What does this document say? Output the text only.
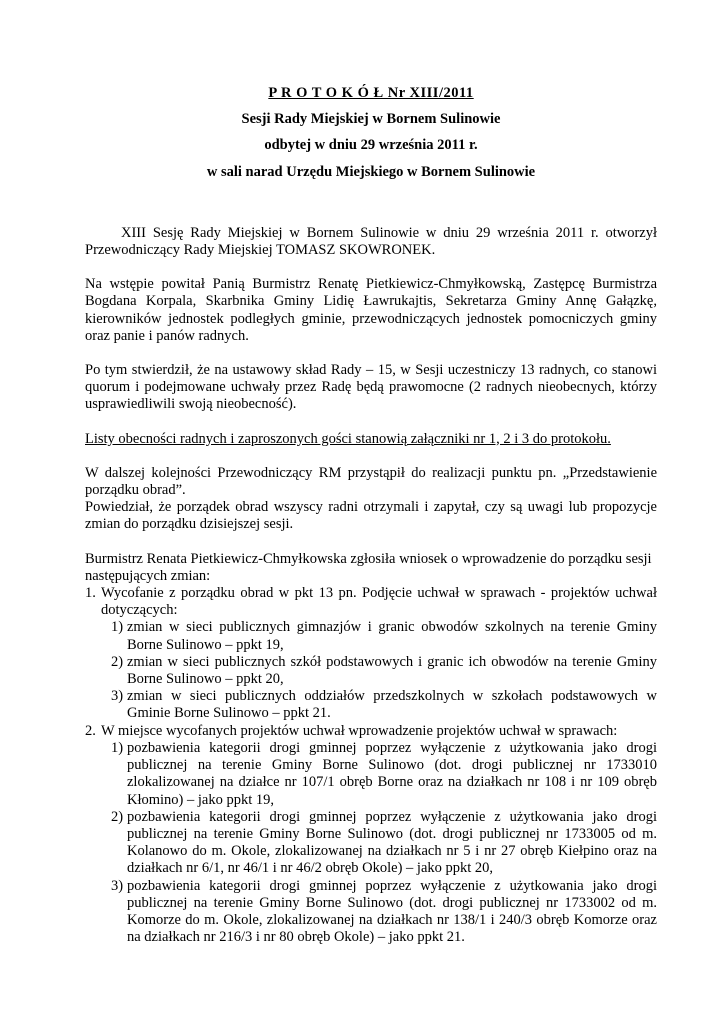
P R O T O K Ó Ł Nr XIII/2011
Sesji Rady Miejskiej w Bornem Sulinowie
odbytej w dniu 29 września 2011 r.
w sali narad Urzędu Miejskiego w Bornem Sulinowie

XIII Sesję Rady Miejskiej w Bornem Sulinowie w dniu 29 września 2011 r. otworzył Przewodniczący Rady Miejskiej TOMASZ SKOWRONEK.

Na wstępie powitał Panią Burmistrz Renatę Pietkiewicz-Chmyłkowską, Zastępcę Burmistrza Bogdana Korpala, Skarbnika Gminy Lidię Ławrukajtis, Sekretarza Gminy Annę Gałązkę, kierowników jednostek podległych gminie, przewodniczących jednostek pomocniczych gminy oraz panie i panów radnych.

Po tym stwierdził, że na ustawowy skład Rady – 15, w Sesji uczestniczy 13 radnych, co stanowi quorum i podejmowane uchwały przez Radę będą prawomocne (2 radnych nieobecnych, którzy usprawiedliwili swoją nieobecność).

Listy obecności radnych i zaproszonych gości stanowią załączniki nr 1, 2 i 3 do protokołu.

W dalszej kolejności Przewodniczący RM przystąpił do realizacji punktu pn. „Przedstawienie porządku obrad”.

Powiedział, że porządek obrad wszyscy radni otrzymali i zapytał, czy są uwagi lub propozycje zmian do porządku dzisiejszej sesji.

Burmistrz Renata Pietkiewicz-Chmyłkowska zgłosiła wniosek o wprowadzenie do porządku sesji następujących zmian:

1. Wycofanie z porządku obrad w pkt 13 pn. Podjęcie uchwał w sprawach - projektów uchwał dotyczących:
1) zmian w sieci publicznych gimnazjów i granic obwodów szkolnych na terenie Gminy Borne Sulinowo – ppkt 19,
2) zmian w sieci publicznych szkół podstawowych i granic ich obwodów na terenie Gminy Borne Sulinowo – ppkt 20,
3) zmian w sieci publicznych oddziałów przedszkolnych w szkołach podstawowych w Gminie Borne Sulinowo – ppkt 21.
2. W miejsce wycofanych projektów uchwał wprowadzenie projektów uchwał w sprawach:
1) pozbawienia kategorii drogi gminnej poprzez wyłączenie z użytkowania jako drogi publicznej na terenie Gminy Borne Sulinowo (dot. drogi publicznej nr 1733010 zlokalizowanej na działce nr 107/1 obręb Borne oraz na działkach nr 108 i nr 109 obręb Kłomino) – jako ppkt 19,
2) pozbawienia kategorii drogi gminnej poprzez wyłączenie z użytkowania jako drogi publicznej na terenie Gminy Borne Sulinowo (dot. drogi publicznej nr 1733005 od m. Kolanowo do m. Okole, zlokalizowanej na działkach nr 5 i nr 27 obręb Kiełpino oraz na działkach nr 6/1, nr 46/1 i nr 46/2 obręb Okole) – jako ppkt 20,
3) pozbawienia kategorii drogi gminnej poprzez wyłączenie z użytkowania jako drogi publicznej na terenie Gminy Borne Sulinowo (dot. drogi publicznej nr 1733002 od m. Komorze do m. Okole, zlokalizowanej na działkach nr 138/1 i 240/3 obręb Komorze oraz na działkach nr 216/3 i nr 80 obręb Okole) – jako ppkt 21.
